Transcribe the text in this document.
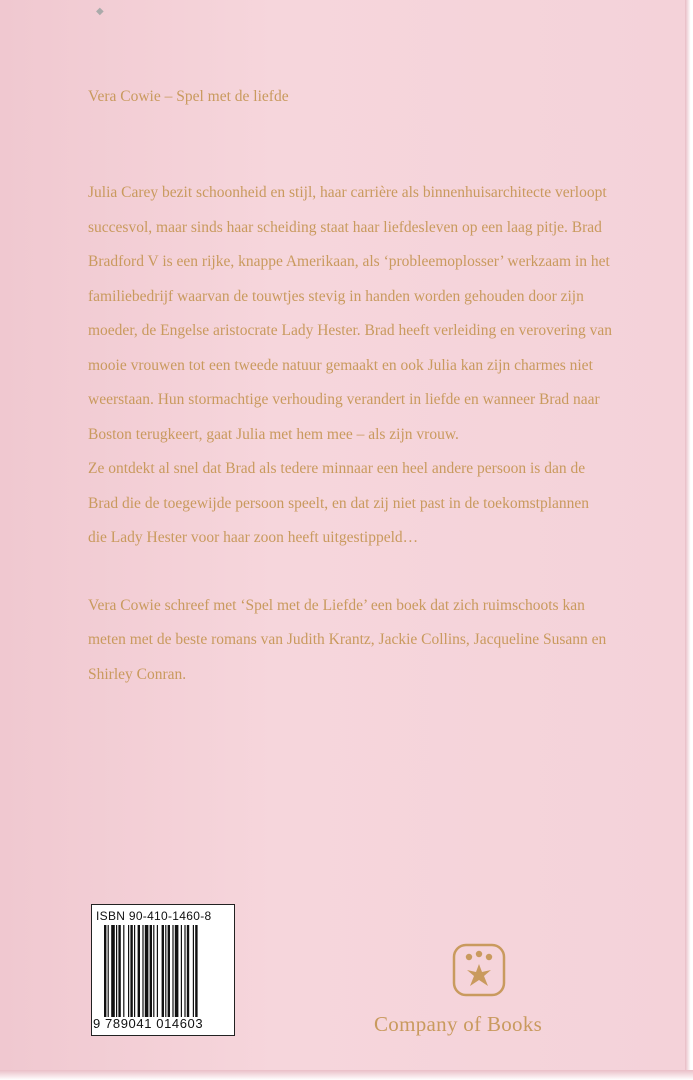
Vera Cowie – Spel met de liefde

Julia Carey bezit schoonheid en stijl, haar carrière als binnenhuisarchitecte verloopt

succesvol, maar sinds haar scheiding staat haar liefdesleven op een laag pitje. Brad

Bradford V is een rijke, knappe Amerikaan, als ‘probleemoplosser’ werkzaam in het

familiebedrijf waarvan de touwtjes stevig in handen worden gehouden door zijn

moeder, de Engelse aristocrate Lady Hester. Brad heeft verleiding en verovering van

mooie vrouwen tot een tweede natuur gemaakt en ook Julia kan zijn charmes niet

weerstaan. Hun stormachtige verhouding verandert in liefde en wanneer Brad naar

Boston terugkeert, gaat Julia met hem mee – als zijn vrouw.

Ze ontdekt al snel dat Brad als tedere minnaar een heel andere persoon is dan de

Brad die de toegewijde persoon speelt, en dat zij niet past in de toekomstplannen

die Lady Hester voor haar zoon heeft uitgestippeld…

Vera Cowie schreef met ‘Spel met de Liefde’ een boek dat zich ruimschoots kan

meten met de beste romans van Judith Krantz, Jackie Collins, Jacqueline Susann en

Shirley Conran.

ISBN 90-410-1460-8
9 789041 014603	Company of Books
◆
